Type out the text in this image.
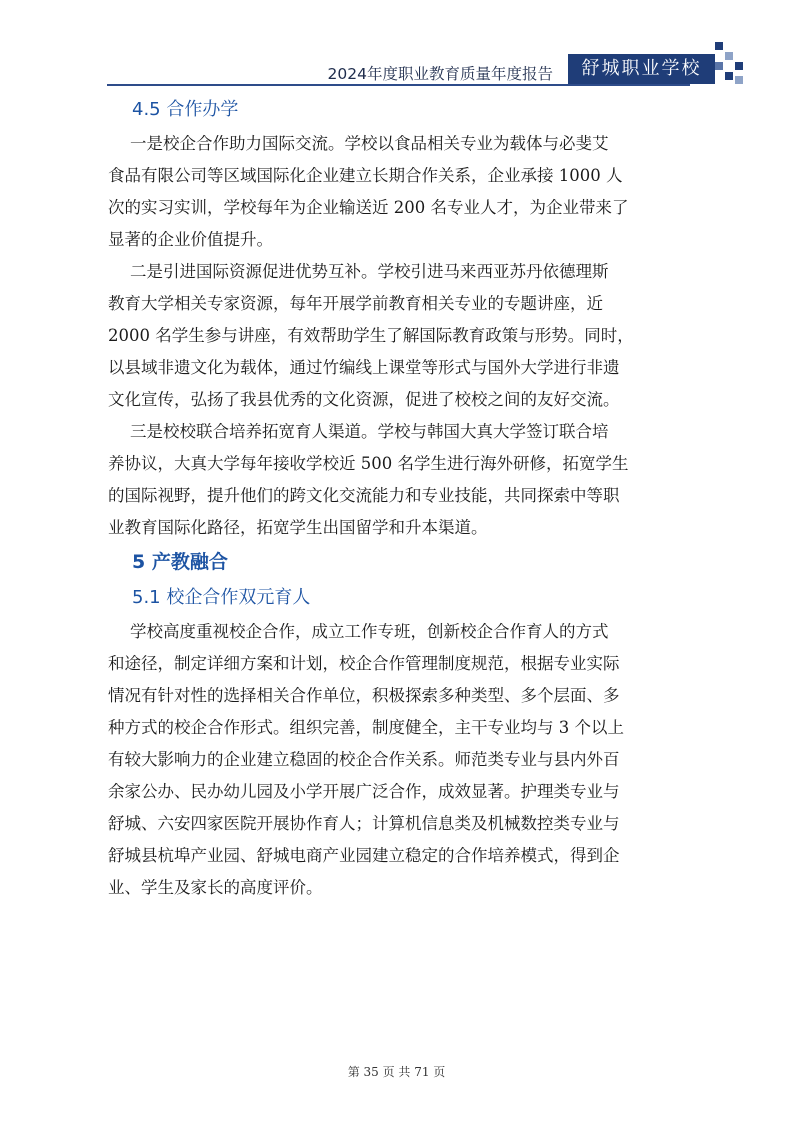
2024年度职业教育质量年度报告	舒城职业学校
4.5 合作办学
一是校企合作助力国际交流。学校以食品相关专业为载体与必斐艾
食品有限公司等区域国际化企业建立长期合作关系，企业承接 1000 人
次的实习实训，学校每年为企业输送近 200 名专业人才，为企业带来了
显著的企业价值提升。
二是引进国际资源促进优势互补。学校引进马来西亚苏丹依德理斯
教育大学相关专家资源，每年开展学前教育相关专业的专题讲座，近
2000 名学生参与讲座，有效帮助学生了解国际教育政策与形势。同时，
以县域非遗文化为载体，通过竹编线上课堂等形式与国外大学进行非遗
文化宣传，弘扬了我县优秀的文化资源，促进了校校之间的友好交流。
三是校校联合培养拓宽育人渠道。学校与韩国大真大学签订联合培
养协议，大真大学每年接收学校近 500 名学生进行海外研修，拓宽学生
的国际视野，提升他们的跨文化交流能力和专业技能，共同探索中等职
业教育国际化路径，拓宽学生出国留学和升本渠道。
5 产教融合
5.1 校企合作双元育人
学校高度重视校企合作，成立工作专班，创新校企合作育人的方式
和途径，制定详细方案和计划，校企合作管理制度规范，根据专业实际
情况有针对性的选择相关合作单位，积极探索多种类型、多个层面、多
种方式的校企合作形式。组织完善，制度健全，主干专业均与 3 个以上
有较大影响力的企业建立稳固的校企合作关系。师范类专业与县内外百
余家公办、民办幼儿园及小学开展广泛合作，成效显著。护理类专业与
舒城、六安四家医院开展协作育人；计算机信息类及机械数控类专业与
舒城县杭埠产业园、舒城电商产业园建立稳定的合作培养模式，得到企
业、学生及家长的高度评价。
第 35 页 共 71 页
